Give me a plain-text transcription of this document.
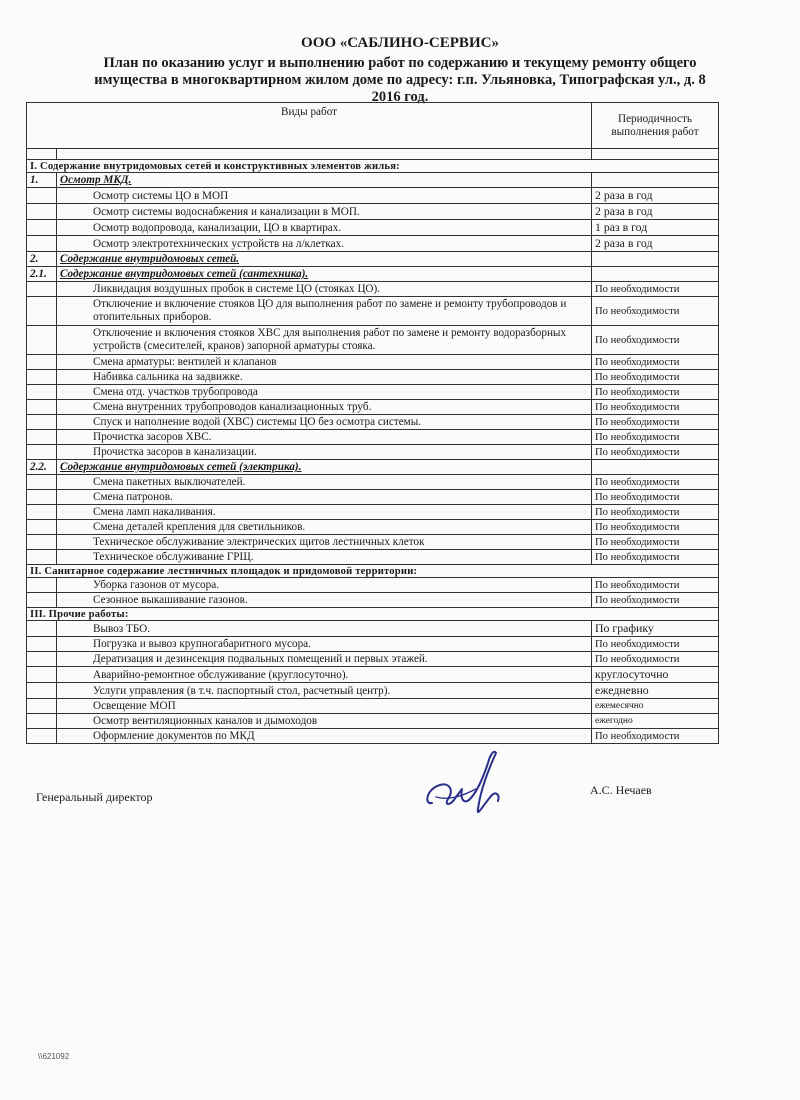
ООО «САБЛИНО-СЕРВИС»
План по оказанию услуг и выполнению работ по содержанию и текущему ремонту общего
имущества в многоквартирном жилом доме по адресу: г.п. Ульяновка, Типографская ул., д. 8
2016 год.
Виды работ		Периодичность выполнения работ

I. Содержание внутридомовых сетей и конструктивных элементов жилья:		
1.	Осмотр МКД.	
	Осмотр системы ЦО в МОП	2 раза в год
	Осмотр системы водоснабжения и канализации в МОП.	2 раза в год
	Осмотр водопровода, канализации, ЦО в квартирах.	1 раз в год
	Осмотр электротехнических устройств на л/клетках.	2 раза в год
2.	Содержание внутридомовых сетей.	
2.1.	Содержание внутридомовых сетей (сантехника).	
	Ликвидация воздушных пробок в системе ЦО (стояках ЦО).	По необходимости
	Отключение и включение стояков ЦО для выполнения работ по замене и ремонту трубопроводов и отопительных приборов.	По необходимости
	Отключение и включения стояков ХВС для выполнения работ по замене и ремонту водоразборных устройств (смесителей, кранов) запорной арматуры стояка.	По необходимости
	Смена арматуры: вентилей и клапанов	По необходимости
	Набивка сальника на задвижке.	По необходимости
	Смена отд. участков трубопровода	По необходимости
	Смена внутренних трубопроводов канализационных труб.	По необходимости
	Спуск и наполнение водой (ХВС) системы ЦО без осмотра системы.	По необходимости
	Прочистка засоров ХВС.	По необходимости
	Прочистка засоров в канализации.	По необходимости
2.2.	Содержание внутридомовых сетей (электрика).	
	Смена пакетных выключателей.	По необходимости
	Смена патронов.	По необходимости
	Смена ламп накаливания.	По необходимости
	Смена деталей крепления для светильников.	По необходимости
	Техническое обслуживание электрических щитов лестничных клеток	По необходимости
	Техническое обслуживание ГРЩ.	По необходимости
II. Санитарное содержание лестничных площадок и придомовой территории:		
	Уборка газонов от мусора.	По необходимости
	Сезонное выкашивание газонов.	По необходимости
III. Прочие работы:		
	Вывоз ТБО.	По графику
	Погрузка и вывоз крупногабаритного мусора.	По необходимости
	Дератизация и дезинсекция подвальных помещений и первых этажей.	По необходимости
	Аварийно-ремонтное обслуживание (круглосуточно).	круглосуточно
	Услуги управления (в т.ч. паспортный стол, расчетный центр).	ежедневно
	Освещение МОП	ежемесячно
	Осмотр вентиляционных каналов и дымоходов	ежегодно
	Оформление документов по МКД	По необходимости
Генеральный директор	А.С. Нечаев
\\621092
